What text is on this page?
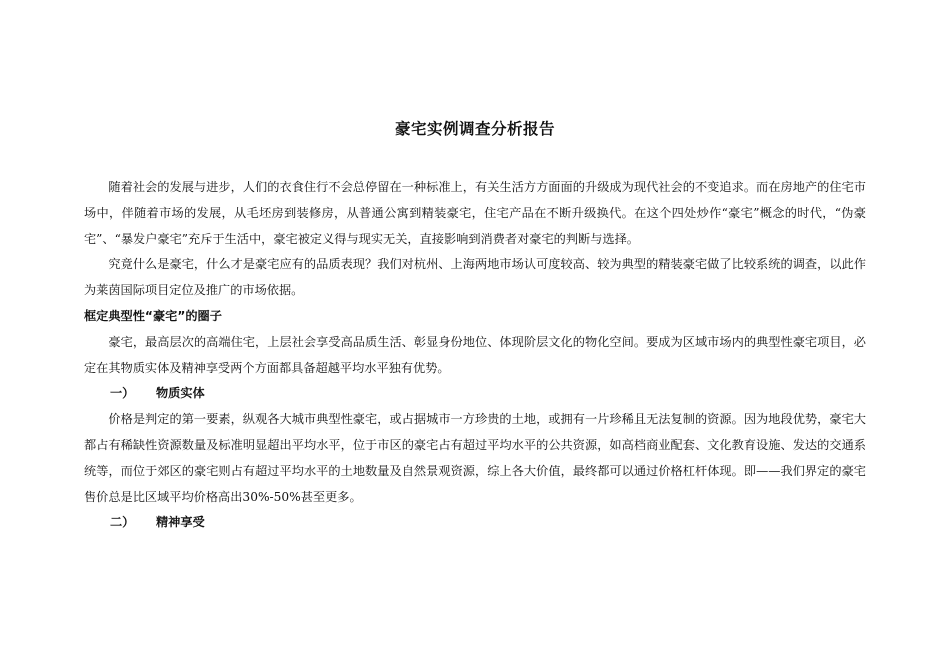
豪宅实例调查分析报告

随着社会的发展与进步，人们的衣食住行不会总停留在一种标准上，有关生活方方面面的升级成为现代社会的不变追求。而在房地产的住宅市场中，伴随着市场的发展，从毛坯房到装修房，从普通公寓到精装豪宅，住宅产品在不断升级换代。在这个四处炒作“豪宅”概念的时代，“伪豪宅”、“暴发户豪宅”充斥于生活中，豪宅被定义得与现实无关，直接影响到消费者对豪宅的判断与选择。

究竟什么是豪宅，什么才是豪宅应有的品质表现？我们对杭州、上海两地市场认可度较高、较为典型的精装豪宅做了比较系统的调查，以此作为莱茵国际项目定位及推广的市场依据。

框定典型性“豪宅”的圈子

豪宅，最高层次的高端住宅，上层社会享受高品质生活、彰显身份地位、体现阶层文化的物化空间。要成为区域市场内的典型性豪宅项目，必定在其物质实体及精神享受两个方面都具备超越平均水平独有优势。

一） 物质实体

价格是判定的第一要素，纵观各大城市典型性豪宅，或占据城市一方珍贵的土地，或拥有一片珍稀且无法复制的资源。因为地段优势，豪宅大都占有稀缺性资源数量及标准明显超出平均水平，位于市区的豪宅占有超过平均水平的公共资源，如高档商业配套、文化教育设施、发达的交通系统等，而位于郊区的豪宅则占有超过平均水平的土地数量及自然景观资源，综上各大价值，最终都可以通过价格杠杆体现。即——我们界定的豪宅售价总是比区域平均价格高出30%-50%甚至更多。

二） 精神享受
